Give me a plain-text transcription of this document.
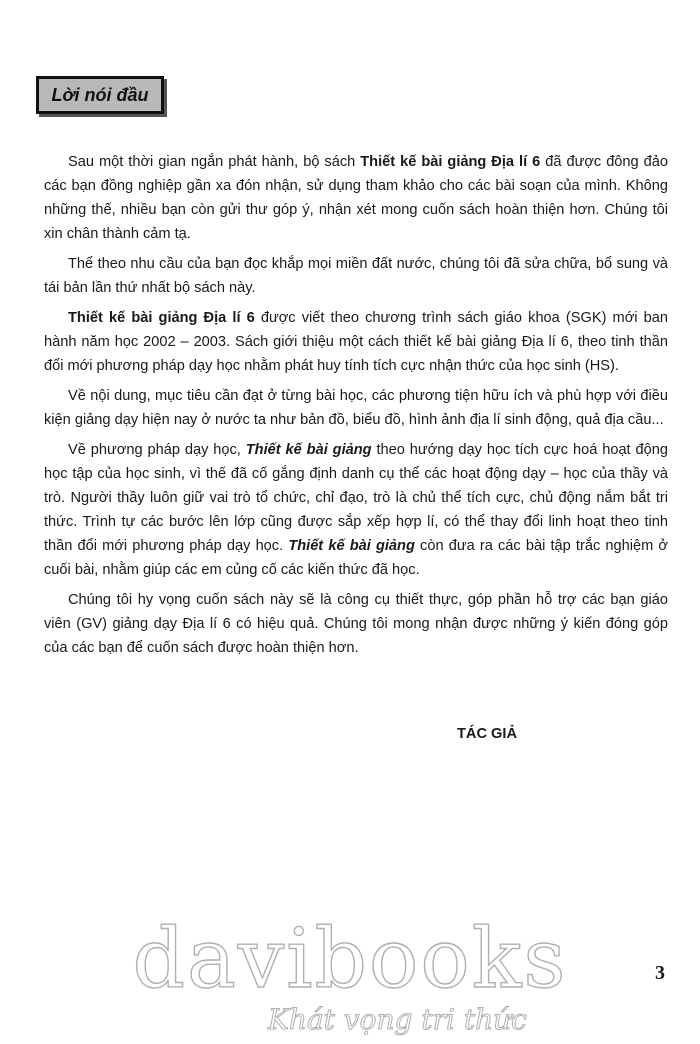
Lời nói đầu

Sau một thời gian ngắn phát hành, bộ sách Thiết kế bài giảng Địa lí 6 đã được đông đảo các bạn đồng nghiệp gần xa đón nhận, sử dụng tham khảo cho các bài soạn của mình. Không những thế, nhiều bạn còn gửi thư góp ý, nhận xét mong cuốn sách hoàn thiện hơn. Chúng tôi xin chân thành cảm tạ.

Thể theo nhu cầu của bạn đọc khắp mọi miền đất nước, chúng tôi đã sửa chữa, bổ sung và tái bản lần thứ nhất bộ sách này.

Thiết kế bài giảng Địa lí 6 được viết theo chương trình sách giáo khoa (SGK) mới ban hành năm học 2002 – 2003. Sách giới thiệu một cách thiết kế bài giảng Địa lí 6, theo tinh thần đổi mới phương pháp dạy học nhằm phát huy tính tích cực nhận thức của học sinh (HS).

Về nội dung, mục tiêu cần đạt ở từng bài học, các phương tiện hữu ích và phù hợp với điều kiện giảng dạy hiện nay ở nước ta như bản đồ, biểu đồ, hình ảnh địa lí sinh động, quả địa cầu...

Về phương pháp dạy học, Thiết kế bài giảng theo hướng dạy học tích cực hoá hoạt động học tập của học sinh, vì thế đã cố gắng định danh cụ thể các hoạt động dạy – học của thầy và trò. Người thầy luôn giữ vai trò tổ chức, chỉ đạo, trò là chủ thể tích cực, chủ động nắm bắt tri thức. Trình tự các bước lên lớp cũng được sắp xếp hợp lí, có thể thay đổi linh hoạt theo tinh thần đổi mới phương pháp dạy học. Thiết kế bài giảng còn đưa ra các bài tập trắc nghiệm ở cuối bài, nhằm giúp các em củng cố các kiến thức đã học.

Chúng tôi hy vọng cuốn sách này sẽ là công cụ thiết thực, góp phần hỗ trợ các bạn giáo viên (GV) giảng dạy Địa lí 6 có hiệu quả. Chúng tôi mong nhận được những ý kiến đóng góp của các bạn để cuốn sách được hoàn thiện hơn.

TÁC GIẢ
3
davibooks
Khát vọng tri thức
